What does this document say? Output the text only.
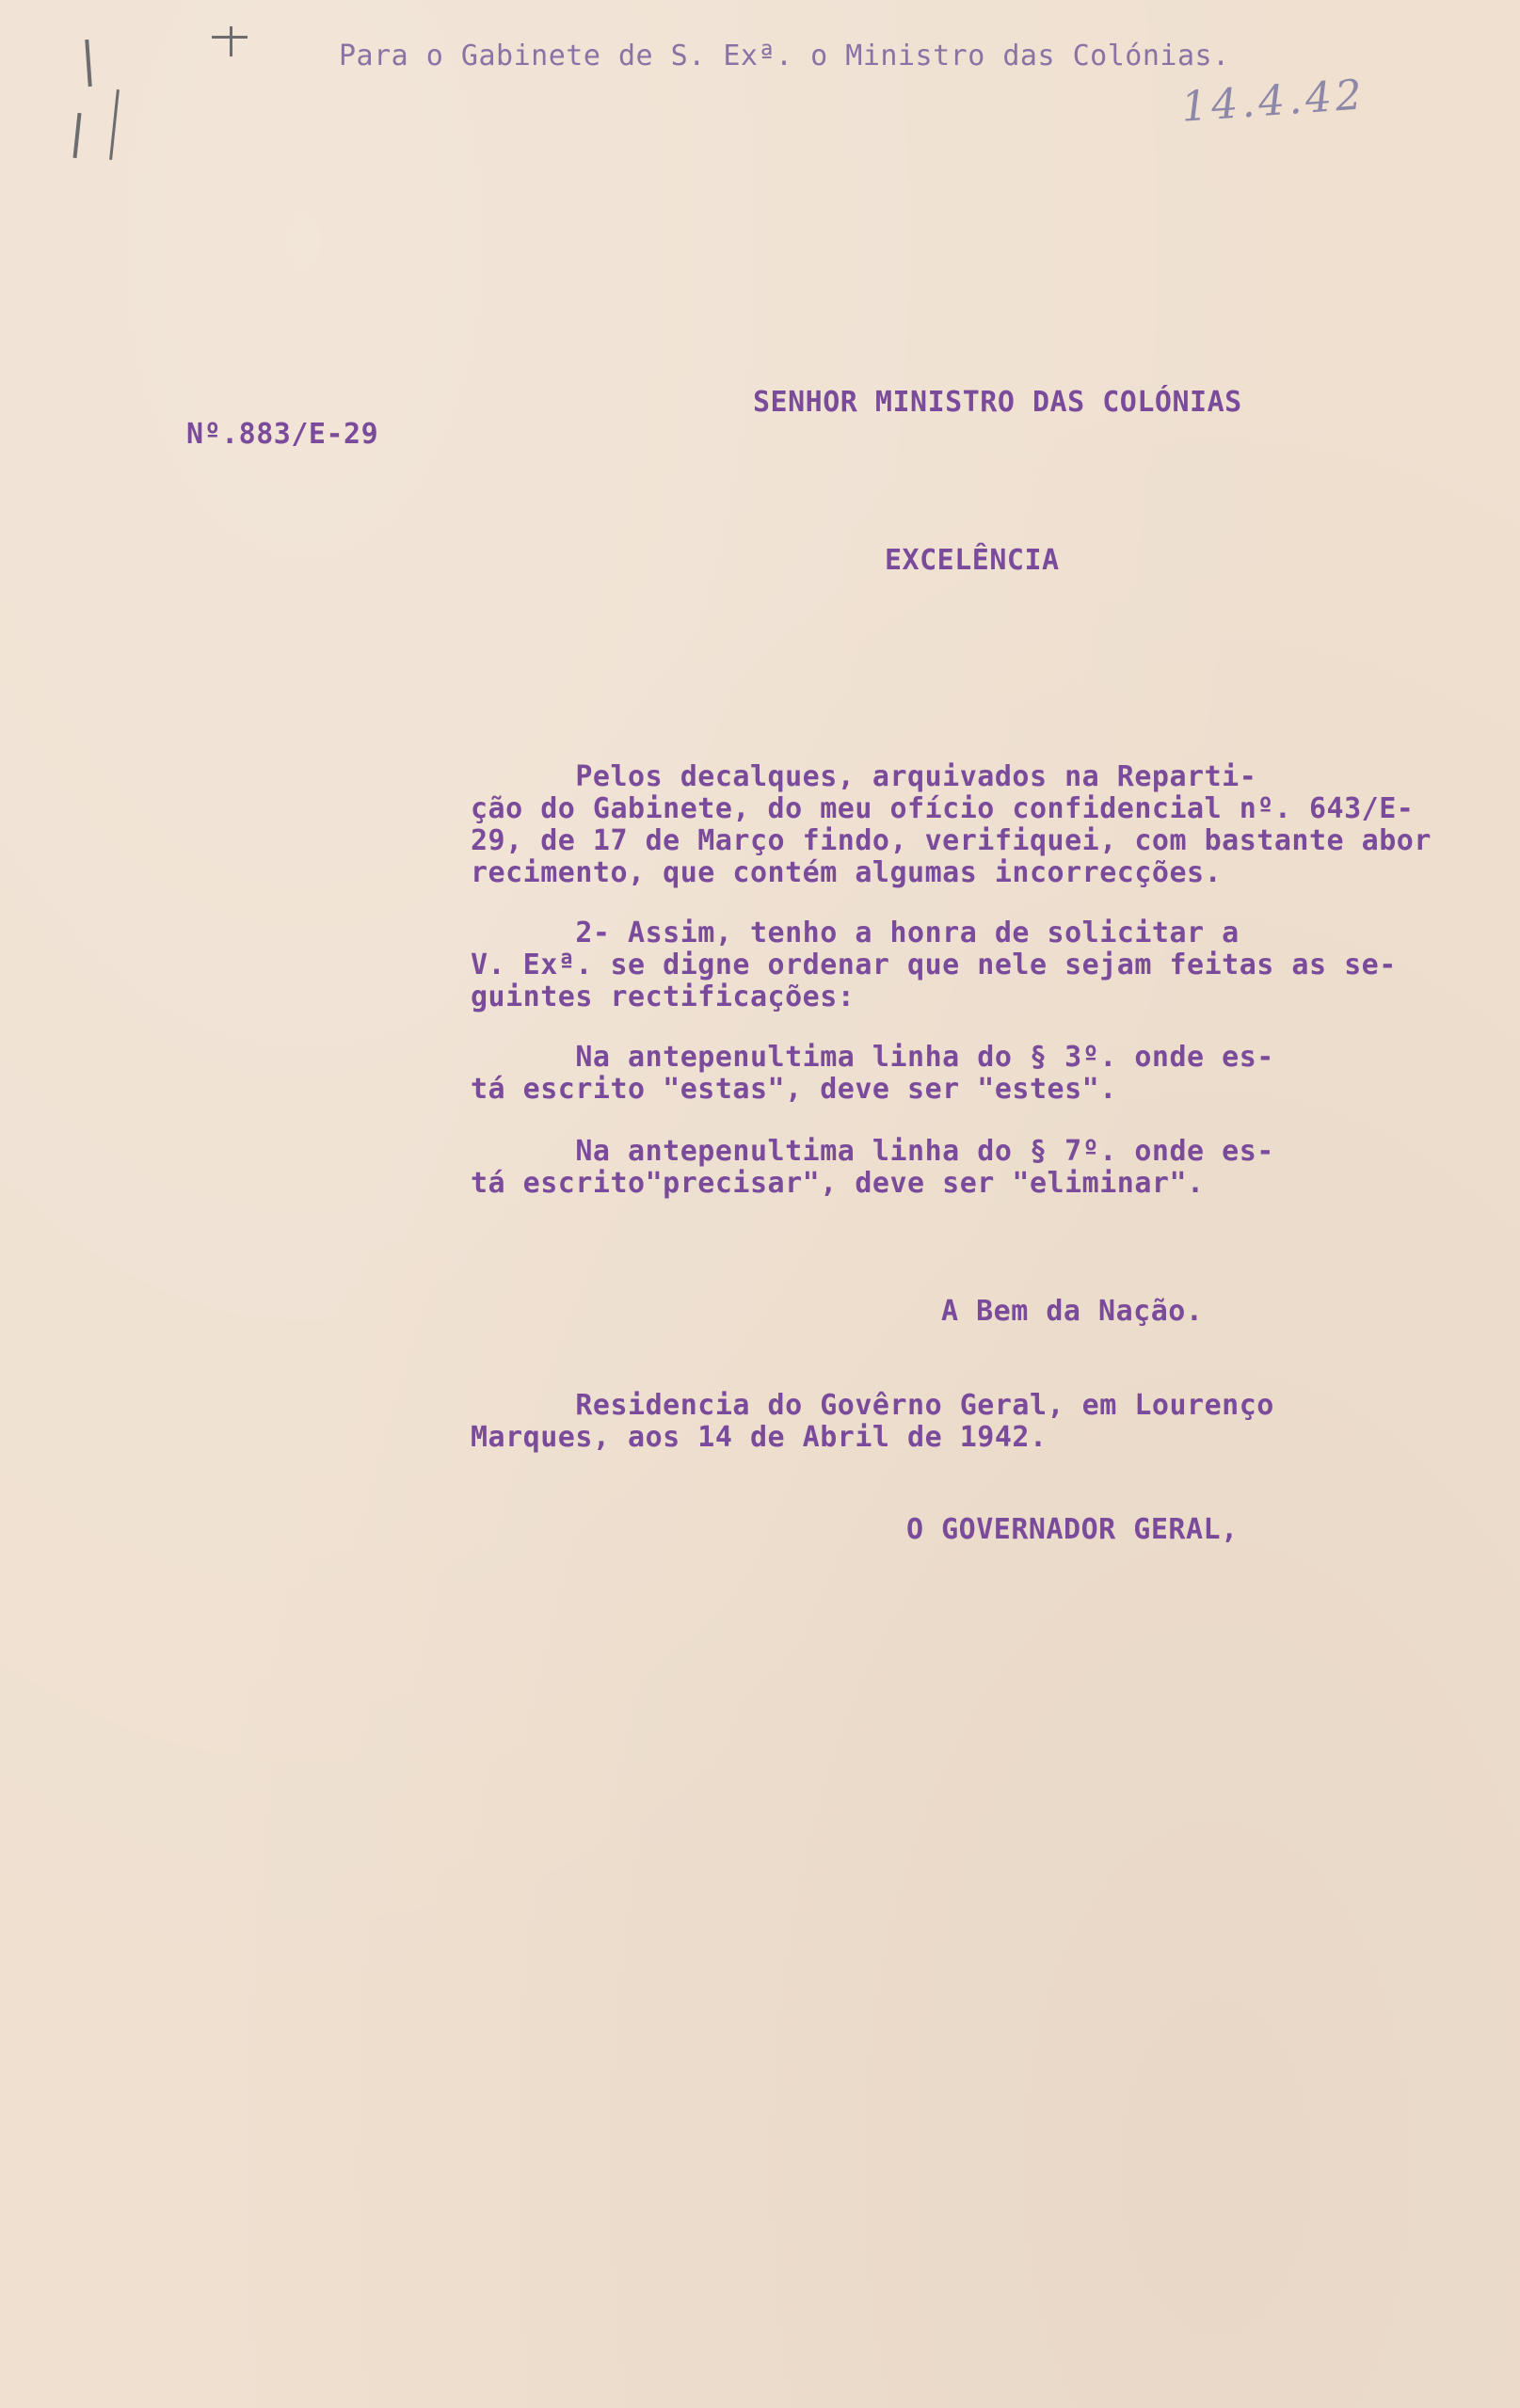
Para o Gabinete de S. Exª. o Ministro das Colónias.
14.4.42
Nº.883/E-29
SENHOR MINISTRO DAS COLÓNIAS
EXCELÊNCIA
Pelos decalques, arquivados na Reparti-
ção do Gabinete, do meu ofício confidencial nº. 643/E-
29, de 17 de Março findo, verifiquei, com bastante abor
recimento, que contém algumas incorrecções.
2- Assim, tenho a honra de solicitar a
V. Exª. se digne ordenar que nele sejam feitas as se-
guintes rectificações:
Na antepenultima linha do § 3º. onde es-
tá escrito "estas", deve ser "estes".
Na antepenultima linha do § 7º. onde es-
tá escrito"precisar", deve ser "eliminar".
A Bem da Nação.
Residencia do Govêrno Geral, em Lourenço
Marques, aos 14 de Abril de 1942.
O GOVERNADOR GERAL,
